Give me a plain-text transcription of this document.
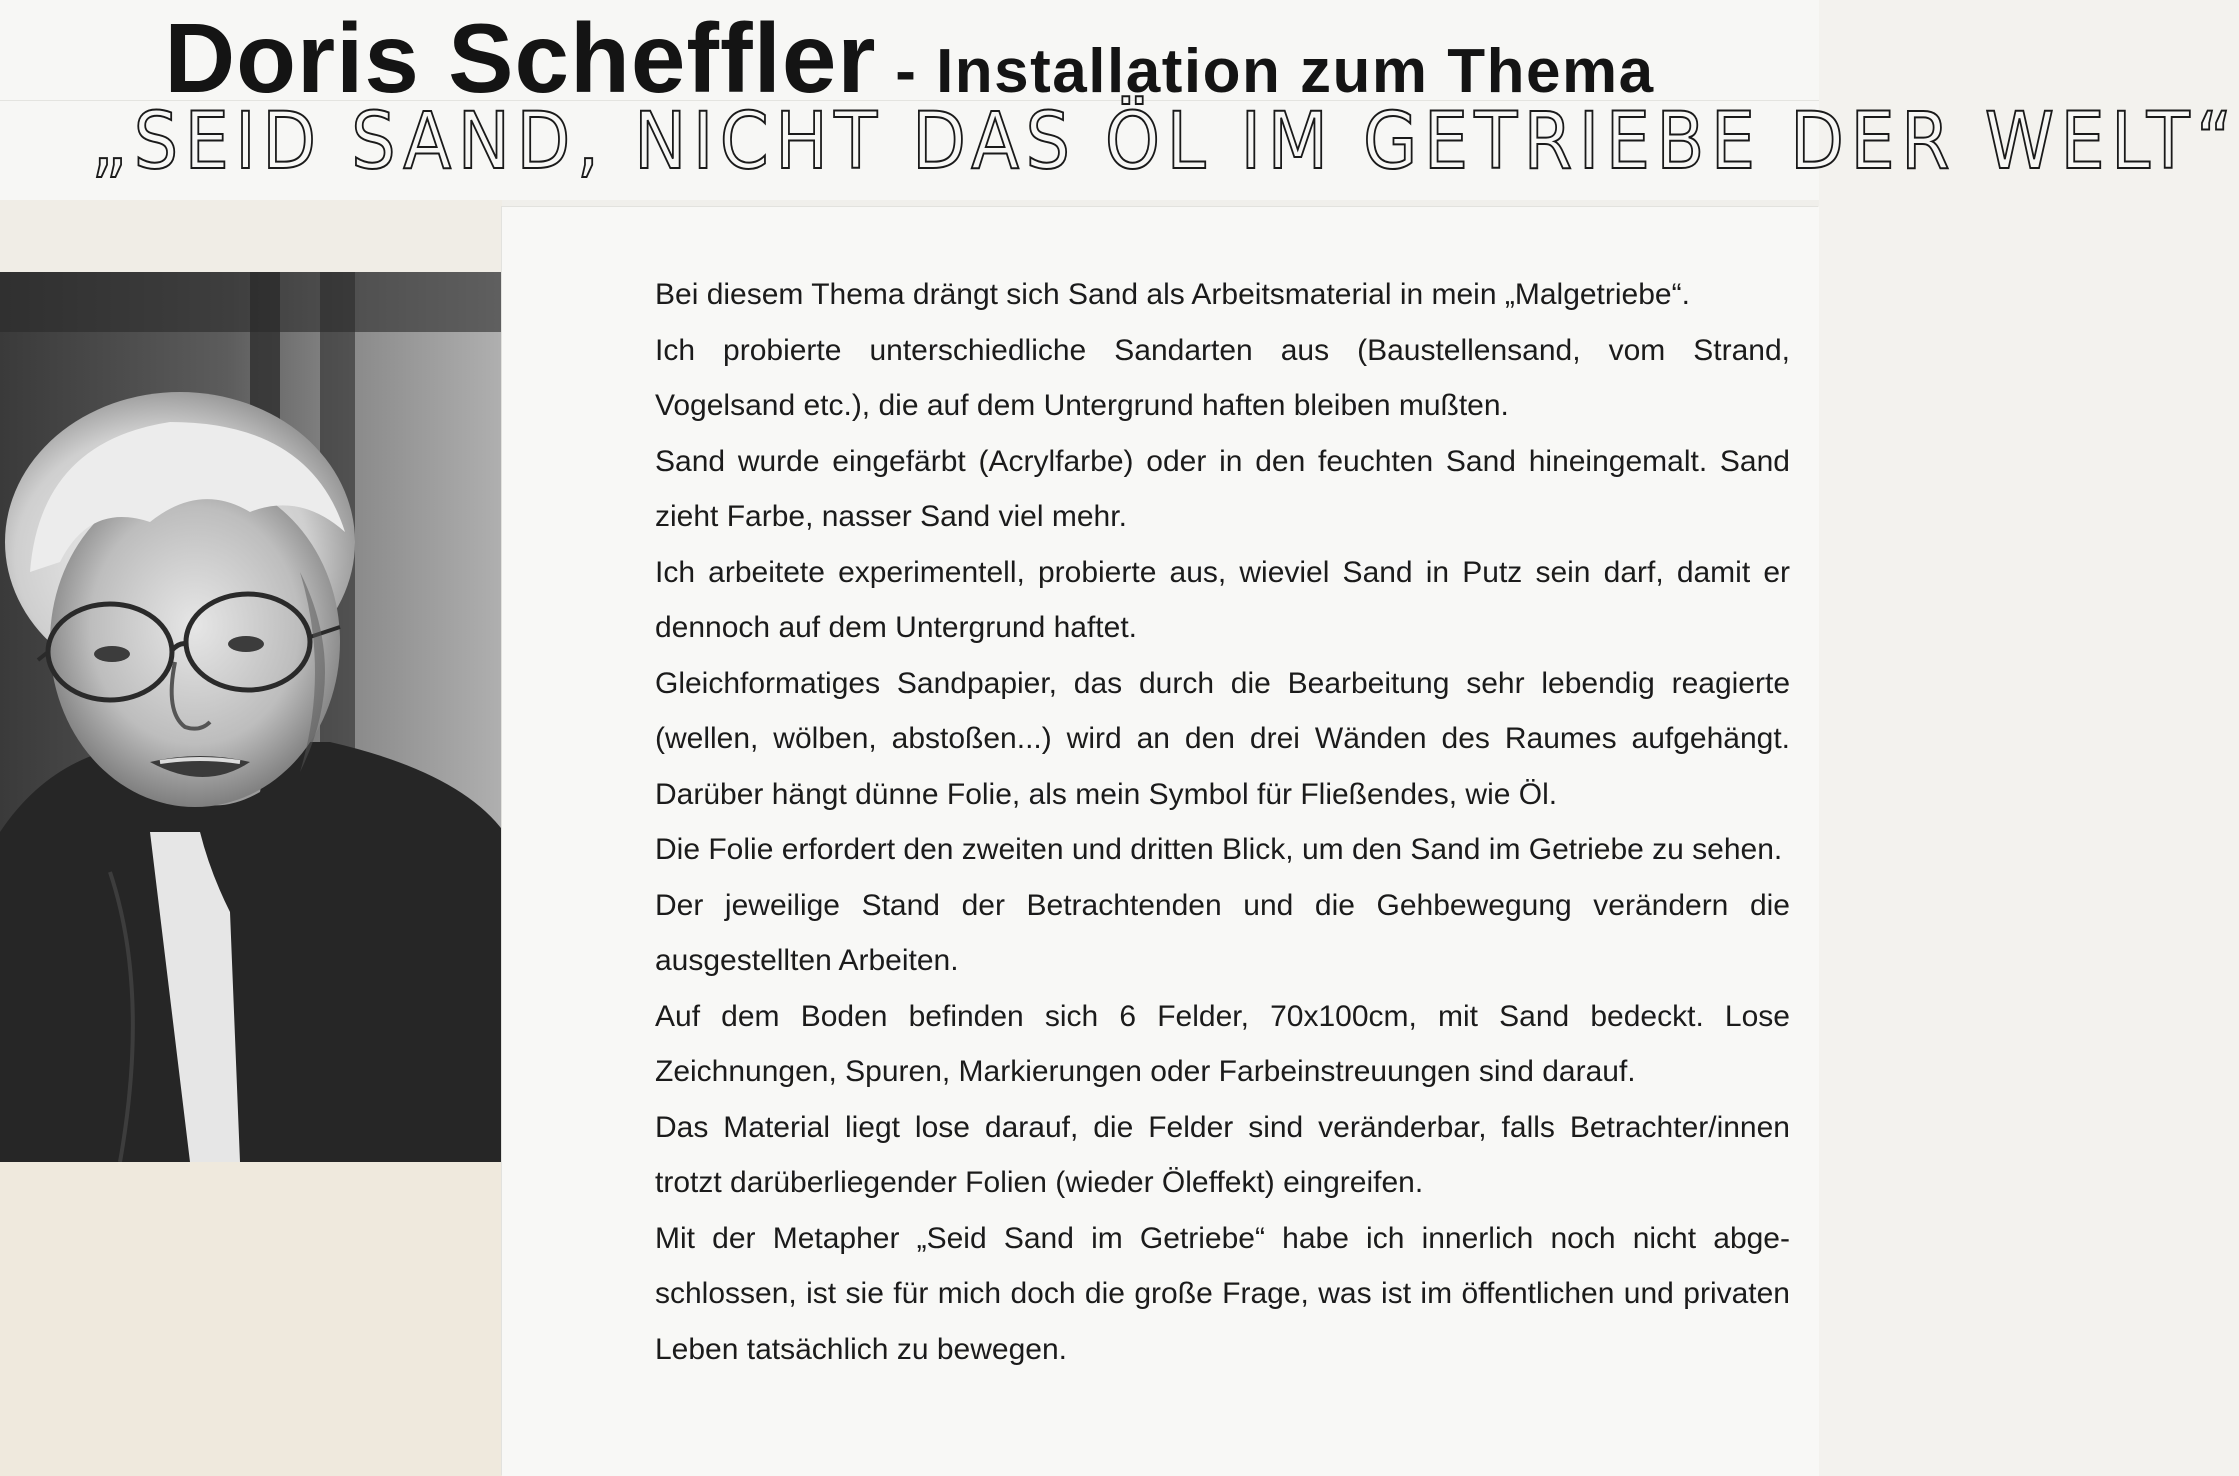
Doris Scheffler - Installation zum Thema
„SEID SAND, NICHT DAS ÖL IM GETRIEBE DER WELT“

Bei diesem Thema drängt sich Sand als Arbeitsmaterial in mein „Malgetriebe“.

Ich probierte unterschiedliche Sandarten aus (Baustellensand, vom Strand, Vogelsand etc.), die auf dem Untergrund haften bleiben mußten.

Sand wurde eingefärbt (Acrylfarbe) oder in den feuchten Sand hineingemalt. Sand zieht Farbe, nasser Sand viel mehr.

Ich arbeitete experimentell, probierte aus, wieviel Sand in Putz sein darf, damit er dennoch auf dem Untergrund haftet.

Gleichformatiges Sandpapier, das durch die Bearbeitung sehr lebendig reagierte (wellen, wölben, abstoßen...) wird an den drei Wänden des Raumes aufgehängt. Darüber hängt dünne Folie, als mein Symbol für Fließendes, wie Öl.

Die Folie erfordert den zweiten und dritten Blick, um den Sand im Getriebe zu sehen.

Der jeweilige Stand der Betrachtenden und die Gehbewegung verändern die ausgestellten Arbeiten.

Auf dem Boden befinden sich 6 Felder, 70x100cm, mit Sand bedeckt. Lose Zeichnungen, Spuren, Markierungen oder Farbeinstreuungen sind darauf.

Das Material liegt lose darauf, die Felder sind veränderbar, falls Betrachter/innen trotzt darüberliegender Folien (wieder Öleffekt) eingreifen.

Mit der Metapher „Seid Sand im Getriebe“ habe ich innerlich noch nicht abgeschlossen, ist sie für mich doch die große Frage, was ist im öffentlichen und privaten Leben tatsächlich zu bewegen.
